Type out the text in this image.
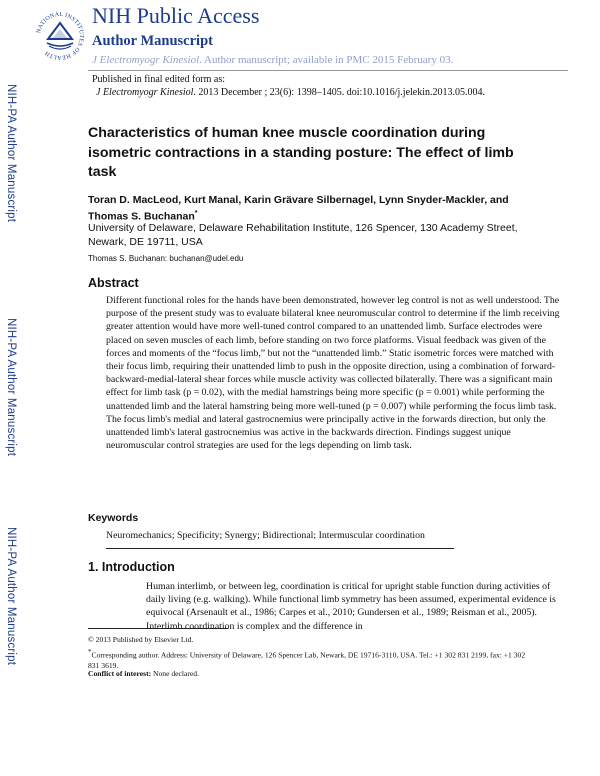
NIH-PA Author Manuscript
NIH-PA Author Manuscript
NIH-PA Author Manuscript
NATIONAL INSTITUTES OF HEALTH
NIH Public Access
Author Manuscript
J Electromyogr Kinesiol. Author manuscript; available in PMC 2015 February 03.
Published in final edited form as:
J Electromyogr Kinesiol. 2013 December ; 23(6): 1398–1405. doi:10.1016/j.jelekin.2013.05.004.
Characteristics of human knee muscle coordination during isometric contractions in a standing posture: The effect of limb task
Toran D. MacLeod, Kurt Manal, Karin Grävare Silbernagel, Lynn Snyder-Mackler, and Thomas S. Buchanan*
University of Delaware, Delaware Rehabilitation Institute, 126 Spencer, 130 Academy Street, Newark, DE 19711, USA
Thomas S. Buchanan: buchanan@udel.edu
Abstract

Different functional roles for the hands have been demonstrated, however leg control is not as well understood. The purpose of the present study was to evaluate bilateral knee neuromuscular control to determine if the limb receiving greater attention would have more well-tuned control compared to an unattended limb. Surface electrodes were placed on seven muscles of each limb, before standing on two force platforms. Visual feedback was given of the forces and moments of the “focus limb,” but not the “unattended limb.” Static isometric forces were matched with their focus limb, requiring their unattended limb to push in the opposite direction, using a combination of forward-backward-medial-lateral shear forces while muscle activity was collected bilaterally. There was a significant main effect for limb task (p = 0.02), with the medial hamstrings being more specific (p = 0.001) while performing the unattended limb and the lateral hamstring being more well-tuned (p = 0.007) while performing the focus limb task. The focus limb's medial and lateral gastrocnemius were principally active in the forwards direction, but only the unattended limb's lateral gastrocnemius was active in the backwards direction. Findings suggest unique neuromuscular control strategies are used for the legs depending on limb task.

Keywords
Neuromechanics; Specificity; Synergy; Bidirectional; Intermuscular coordination
1. Introduction

Human interlimb, or between leg, coordination is critical for upright stable function during activities of daily living (e.g. walking). While functional limb symmetry has been assumed, experimental evidence is equivocal (Arsenault et al., 1986; Carpes et al., 2010; Gundersen et al., 1989; Reisman et al., 2005). Interlimb coordination is complex and the difference in

© 2013 Published by Elsevier Ltd.
*Corresponding author. Address: University of Delaware, 126 Spencer Lab, Newark, DE 19716-3110, USA. Tel.: +1 302 831 2199, fax: +1 302 831 3619.
Conflict of interest: None declared.
